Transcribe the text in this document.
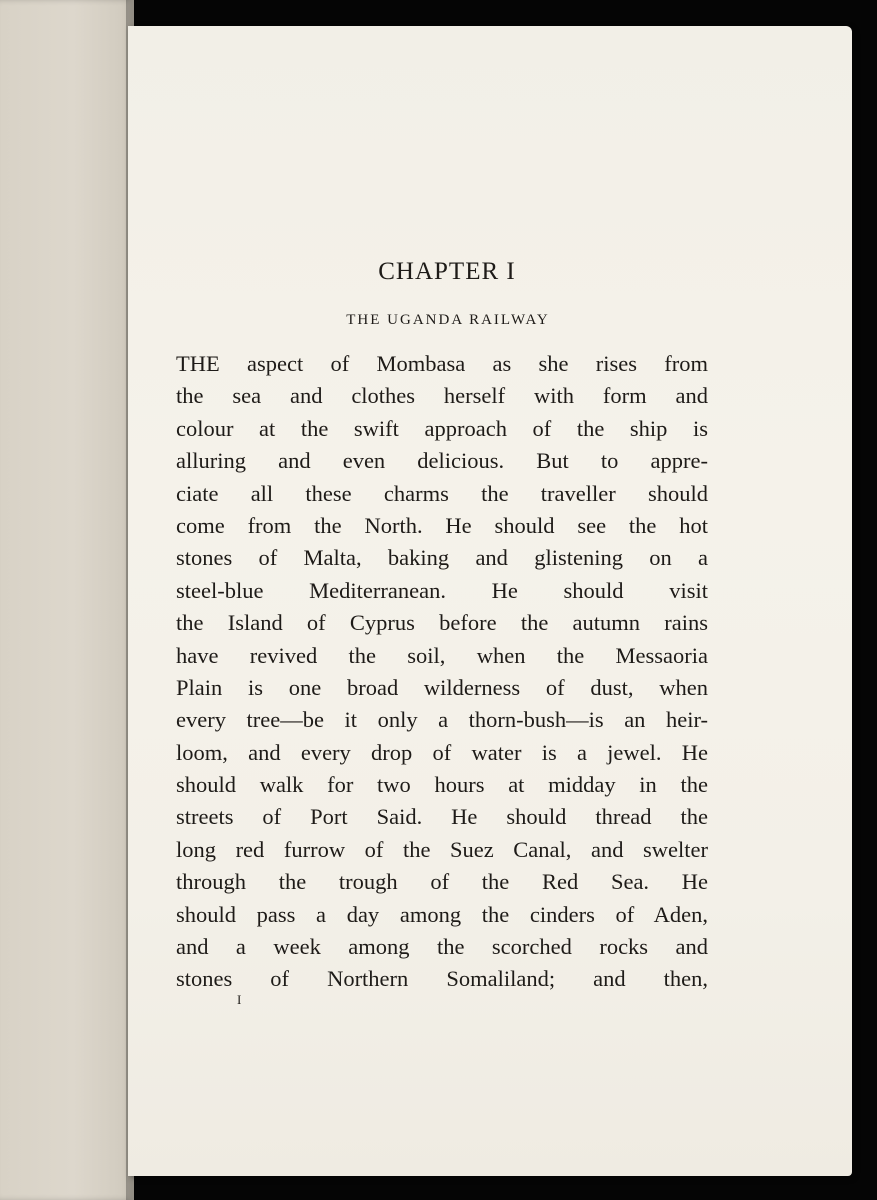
CHAPTER I
THE UGANDA RAILWAY
THE aspect of Mombasa as she rises from
the sea and clothes herself with form and
colour at the swift approach of the ship is
alluring and even delicious. But to appre-
ciate all these charms the traveller should
come from the North. He should see the hot
stones of Malta, baking and glistening on a
steel-blue Mediterranean. He should visit
the Island of Cyprus before the autumn rains
have revived the soil, when the Messaoria
Plain is one broad wilderness of dust, when
every tree—be it only a thorn-bush—is an heir-
loom, and every drop of water is a jewel. He
should walk for two hours at midday in the
streets of Port Said. He should thread the
long red furrow of the Suez Canal, and swelter
through the trough of the Red Sea. He
should pass a day among the cinders of Aden,
and a week among the scorched rocks and
stones of Northern Somaliland; and then,
I
